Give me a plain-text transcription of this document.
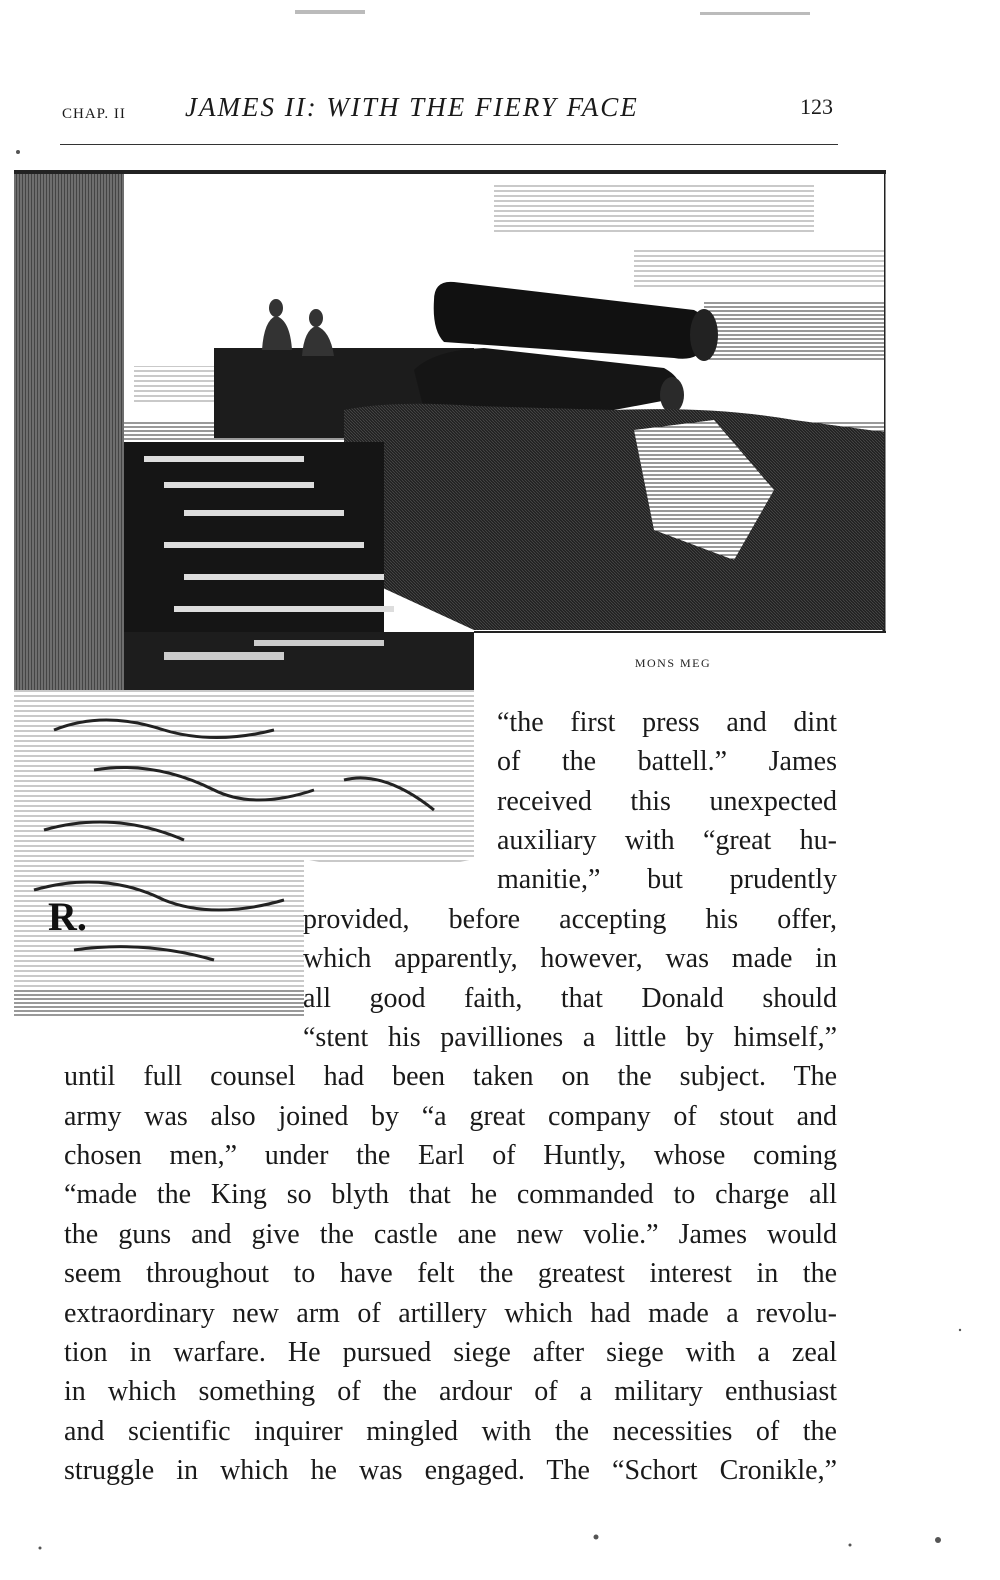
CHAP. II JAMES II: WITH THE FIERY FACE	123
R.
MONS MEG
“the first press and dint
of the battell.” James
received this unexpected
auxiliary with “great hu-
manitie,” but prudently
provided, before accepting his offer,
which apparently, however, was made in
all good faith, that Donald should
“stent his pavilliones a little by himself,”
until full counsel had been taken on the subject. The
army was also joined by “a great company of stout and
chosen men,” under the Earl of Huntly, whose coming
“made the King so blyth that he commanded to charge all
the guns and give the castle ane new volie.” James would
seem throughout to have felt the greatest interest in the
extraordinary new arm of artillery which had made a revolu-
tion in warfare. He pursued siege after siege with a zeal
in which something of the ardour of a military enthusiast
and scientific inquirer mingled with the necessities of the
struggle in which he was engaged. The “Schort Cronikle,”
